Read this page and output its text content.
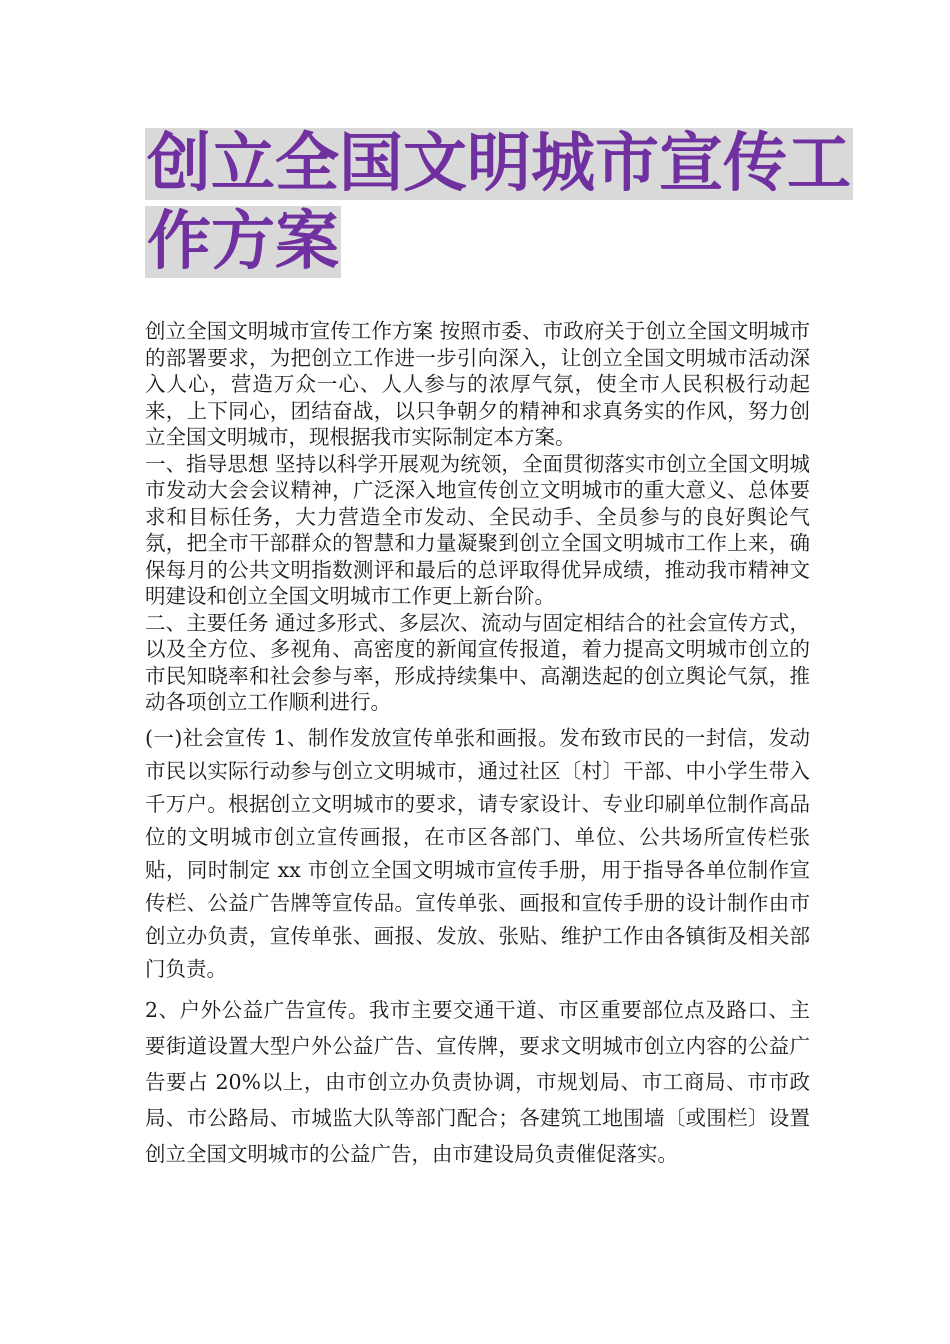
创立全国文明城市宣传工
作方案

创立全国文明城市宣传工作方案 按照市委、市政府关于创立全国文明城市的部署要求，为把创立工作进一步引向深入，让创立全国文明城市活动深入人心，营造万众一心、人人参与的浓厚气氛，使全市人民积极行动起来，上下同心，团结奋战，以只争朝夕的精神和求真务实的作风，努力创立全国文明城市，现根据我市实际制定本方案。

一、指导思想 坚持以科学开展观为统领，全面贯彻落实市创立全国文明城市发动大会会议精神，广泛深入地宣传创立文明城市的重大意义、总体要求和目标任务，大力营造全市发动、全民动手、全员参与的良好舆论气氛，把全市干部群众的智慧和力量凝聚到创立全国文明城市工作上来，确保每月的公共文明指数测评和最后的总评取得优异成绩，推动我市精神文明建设和创立全国文明城市工作更上新台阶。

二、主要任务 通过多形式、多层次、流动与固定相结合的社会宣传方式，以及全方位、多视角、高密度的新闻宣传报道，着力提高文明城市创立的市民知晓率和社会参与率，形成持续集中、高潮迭起的创立舆论气氛，推动各项创立工作顺利进行。

(一)社会宣传 1、制作发放宣传单张和画报。发布致市民的一封信，发动市民以实际行动参与创立文明城市，通过社区〔村〕干部、中小学生带入千万户。根据创立文明城市的要求，请专家设计、专业印刷单位制作高品位的文明城市创立宣传画报，在市区各部门、单位、公共场所宣传栏张贴，同时制定 xx 市创立全国文明城市宣传手册，用于指导各单位制作宣传栏、公益广告牌等宣传品。宣传单张、画报和宣传手册的设计制作由市创立办负责，宣传单张、画报、发放、张贴、维护工作由各镇街及相关部门负责。

2、户外公益广告宣传。我市主要交通干道、市区重要部位点及路口、主要街道设置大型户外公益广告、宣传牌，要求文明城市创立内容的公益广告要占 20%以上，由市创立办负责协调，市规划局、市工商局、市市政局、市公路局、市城监大队等部门配合；各建筑工地围墙〔或围栏〕设置创立全国文明城市的公益广告，由市建设局负责催促落实。
